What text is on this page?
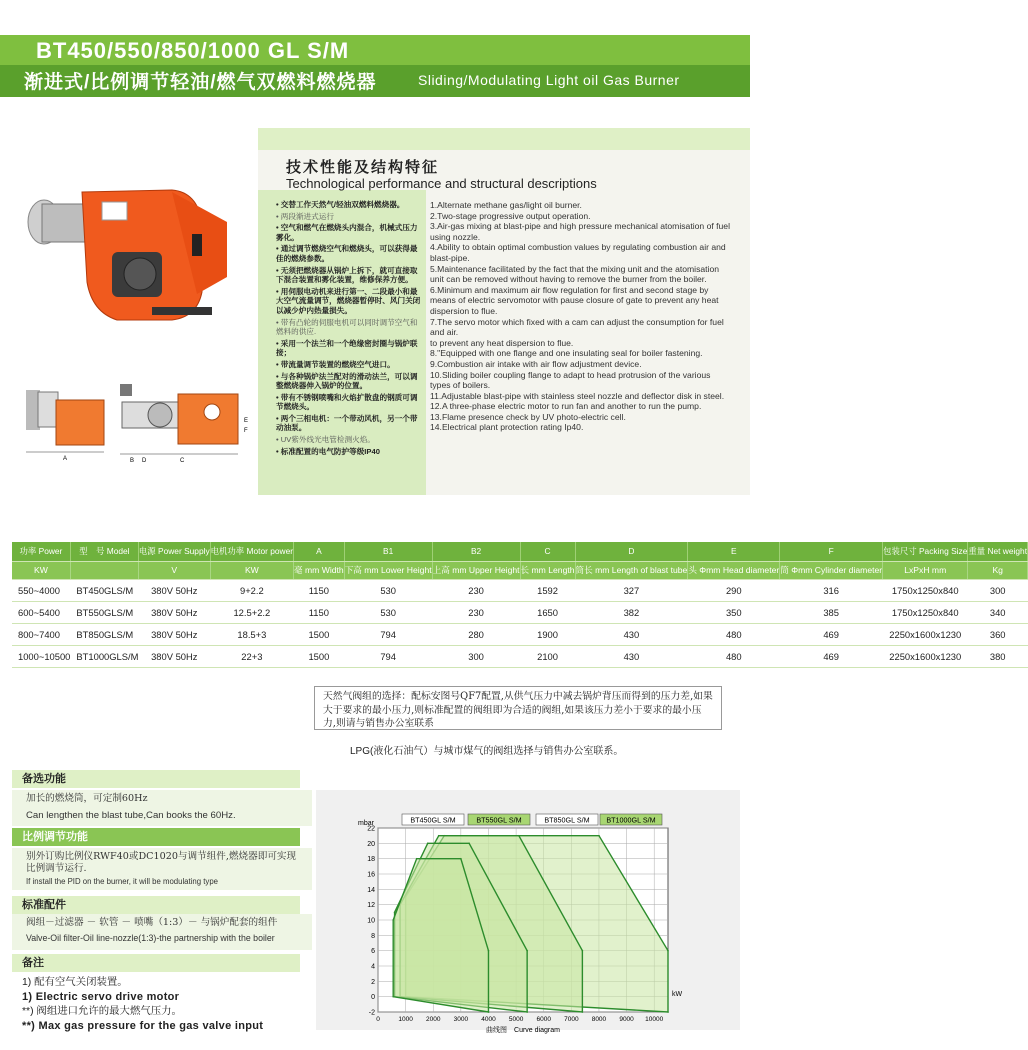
BT450/550/850/1000 GL S/M
渐进式/比例调节轻油/燃气双燃料燃烧器	Sliding/Modulating Light oil Gas Burner
A	B D	C
E
F
技术性能及结构特征
Technological performance and structural descriptions
• 交替工作天然气/轻油双燃料燃烧器。
• 两段渐进式运行
• 空气和燃气在燃烧头内混合，机械式压力雾化。
• 通过调节燃烧空气和燃烧头，可以获得最佳的燃烧参数。
• 无须把燃烧器从锅炉上拆下，就可直接取下混合装置和雾化装置，维修保养方便。
• 用伺服电动机来进行第一、二段最小和最大空气流量调节，燃烧器暂停时、风门关闭以减少炉内热量损失。
• 带有凸轮的伺服电机可以同时调节空气和燃料的供应.
• 采用一个法兰和一个绝缘密封圈与锅炉联接；
• 带流量调节装置的燃烧空气进口。
• 与各种锅炉法兰配对的滑动法兰，可以调整燃烧器伸入锅炉的位置。
• 带有不锈钢喷嘴和火焰扩散盘的钢质可调节燃烧头。
• 两个三相电机：一个带动风机，另一个带动油泵。
• UV紫外线光电管检测火焰。
• 标准配置的电气防护等级IP40
1.Alternate methane gas/light oil burner.
2.Two-stage progressive output operation.
3.Air-gas mixing at blast-pipe and high pressure mechanical atomisation of fuel using nozzle.
4.Ability to obtain optimal combustion values by regulating combustion air and blast-pipe.
5.Maintenance facilitated by the fact that the mixing unit and the atomisation unit can be removed without having to remove the burner from the boiler.
6.Minimum and maximum air flow regulation for first and second stage by means of electric servomotor with pause closure of gate to prevent any heat dispersion to flue.
7.The servo motor which fixed with a cam can adjust the consumption for fuel and air.
to prevent any heat dispersion to flue.
8."Equipped with one flange and one insulating seal for boiler fastening.
9.Combustion air intake with air flow adjustment device.
10.Sliding boiler coupling flange to adapt to head protrusion of the various types of boilers.
11.Adjustable blast-pipe with stainless steel nozzle and deflector disk in steel.
12.A three-phase electric motor to run fan and another to run the pump.
13.Flame presence check by UV photo-electric cell.
14.Electrical plant protection rating Ip40.
功率 Power	型　号 Model	电源 Power Supply	电机功率 Motor power	A	B1	B2	C	D	E	F	包装尺寸 Packing Size	重量 Net weight
KW		V	KW	毫 mm Width	下高 mm Lower Height	上高 mm Upper Height	长 mm Length	筒长 mm Length of blast tube	头 Φmm Head diameter	筒 Φmm Cylinder diameter	LxPxH mm	Kg
550~4000	BT450GLS/M	380V 50Hz	9+2.2	1150	530	230	1592	327	290	316	1750x1250x840	300
600~5400	BT550GLS/M	380V 50Hz	12.5+2.2	1150	530	230	1650	382	350	385	1750x1250x840	340
800~7400	BT850GLS/M	380V 50Hz	18.5+3	1500	794	280	1900	430	480	469	2250x1600x1230	360
1000~10500	BT1000GLS/M	380V 50Hz	22+3	1500	794	300	2100	430	480	469	2250x1600x1230	380
天然气阀组的选择：配标安图号QF7配置,从供气压力中减去锅炉背压而得到的压力差,如果大于要求的最小压力,则标准配置的阀组即为合适的阀组,如果该压力差小于要求的最小压力,则请与销售办公室联系
LPG(液化石油气）与城市煤气的阀组选择与销售办公室联系。
备选功能
加长的燃烧筒，可定制60Hz
Can lengthen the blast tube,Can books the 60Hz.
比例调节功能
别外订购比例仪RWF40或DC1020与调节组件,燃烧器即可实现比例调节运行.
If install the PID on the burner, it will be modulating type
标准配件
阀组－过滤器 － 软管 － 喷嘴（1:3）－ 与锅炉配套的组件
Valve-Oil filter-Oil line-nozzle(1:3)-the partnership with the boiler
备注
1) 配有空气关闭装置。
1) Electric servo drive motor
**) 阀组进口允许的最大燃气压力。
**) Max gas pressure for the gas valve input
-2
0
2
4
6
8
10
12
14
16
18
20
22
0	1000 2000 3000 4000 5000 6000 7000 8000 9000 10000
mbar
kW
曲线图　Curve diagram
BT450GL S/M	BT550GL S/M	BT850GL S/M BT1000GL S/M
